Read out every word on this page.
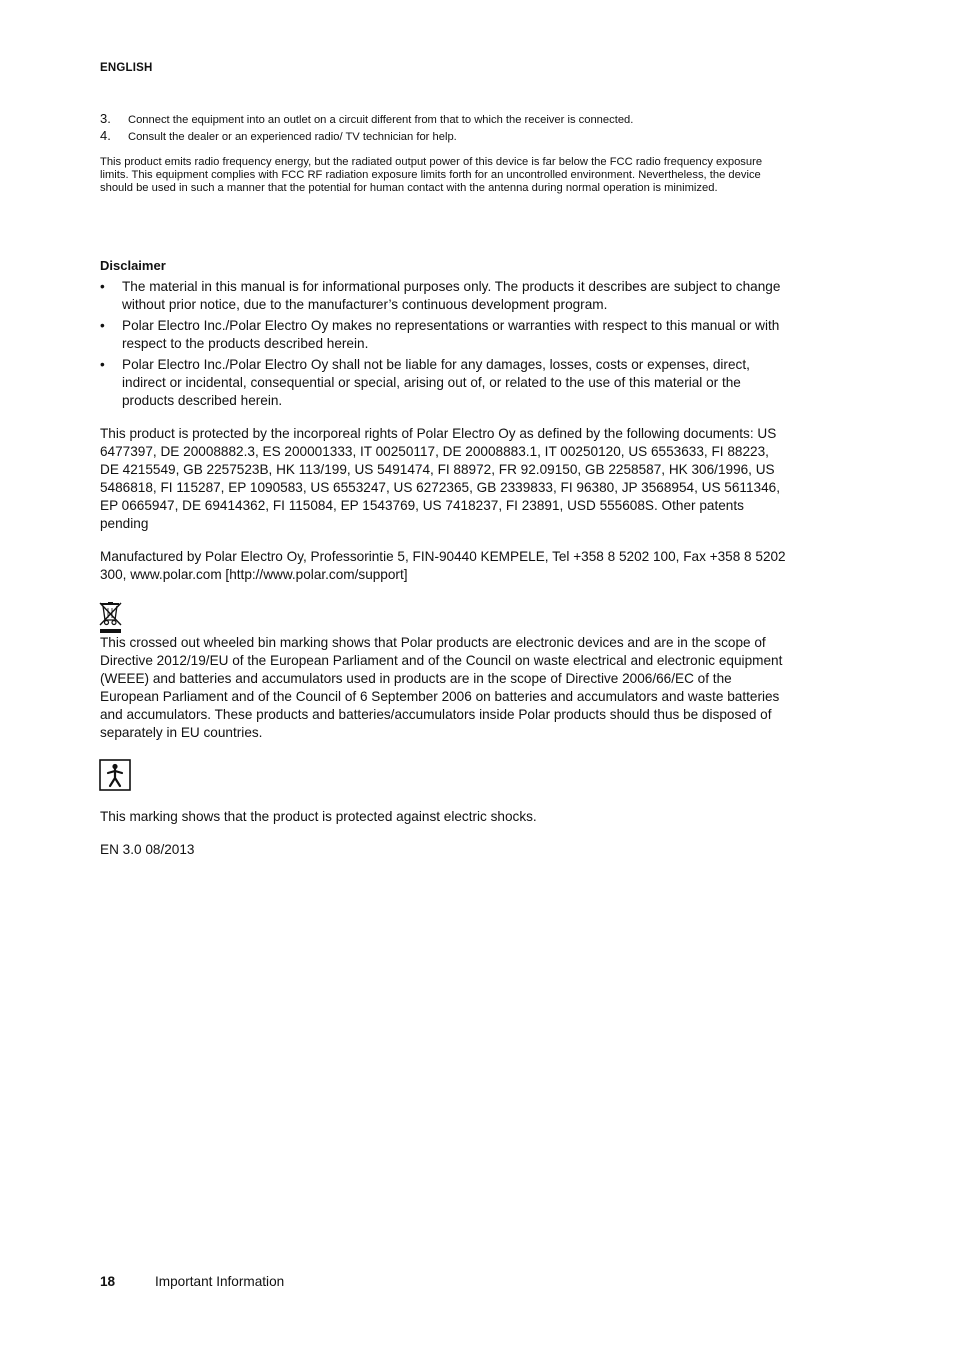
ENGLISH
3.	Connect the equipment into an outlet on a circuit different from that to which the receiver is connected.
4.	Consult the dealer or an experienced radio/ TV technician for help.

This product emits radio frequency energy, but the radiated output power of this device is far below the FCC radio frequency exposure limits. This equipment complies with FCC RF radiation exposure limits forth for an uncontrolled environment. Nevertheless, the device should be used in such a manner that the potential for human contact with the antenna during normal operation is minimized.

Disclaimer
• The material in this manual is for informational purposes only. The products it describes are subject to change without prior notice, due to the manufacturer’s continuous development program.
• Polar Electro Inc./Polar Electro Oy makes no representations or warranties with respect to this manual or with respect to the products described herein.
• Polar Electro Inc./Polar Electro Oy shall not be liable for any damages, losses, costs or expenses, direct, indirect or incidental, consequential or special, arising out of, or related to the use of this material or the products described herein.

This product is protected by the incorporeal rights of Polar Electro Oy as defined by the following documents: US 6477397, DE 20008882.3, ES 200001333, IT 00250117, DE 20008883.1, IT 00250120, US 6553633, FI 88223, DE 4215549, GB 2257523B, HK 113/199, US 5491474, FI 88972, FR 92.09150, GB 2258587, HK 306/1996, US 5486818, FI 115287, EP 1090583, US 6553247, US 6272365, GB 2339833, FI 96380, JP 3568954, US 5611346, EP 0665947, DE 69414362, FI 115084, EP 1543769, US 7418237, FI 23891, USD 555608S. Other patents pending

Manufactured by Polar Electro Oy, Professorintie 5, FIN-90440 KEMPELE, Tel +358 8 5202 100, Fax +358 8 5202 300, www.polar.com [http://www.polar.com/support]

This crossed out wheeled bin marking shows that Polar products are electronic devices and are in the scope of Directive 2012/19/EU of the European Parliament and of the Council on waste electrical and electronic equipment (WEEE) and batteries and accumulators used in products are in the scope of Directive 2006/66/EC of the European Parliament and of the Council of 6 September 2006 on batteries and accumulators and waste batteries and accumulators. These products and batteries/accumulators inside Polar products should thus be disposed of separately in EU countries.

This marking shows that the product is protected against electric shocks.

EN 3.0 08/2013

18	Important Information
